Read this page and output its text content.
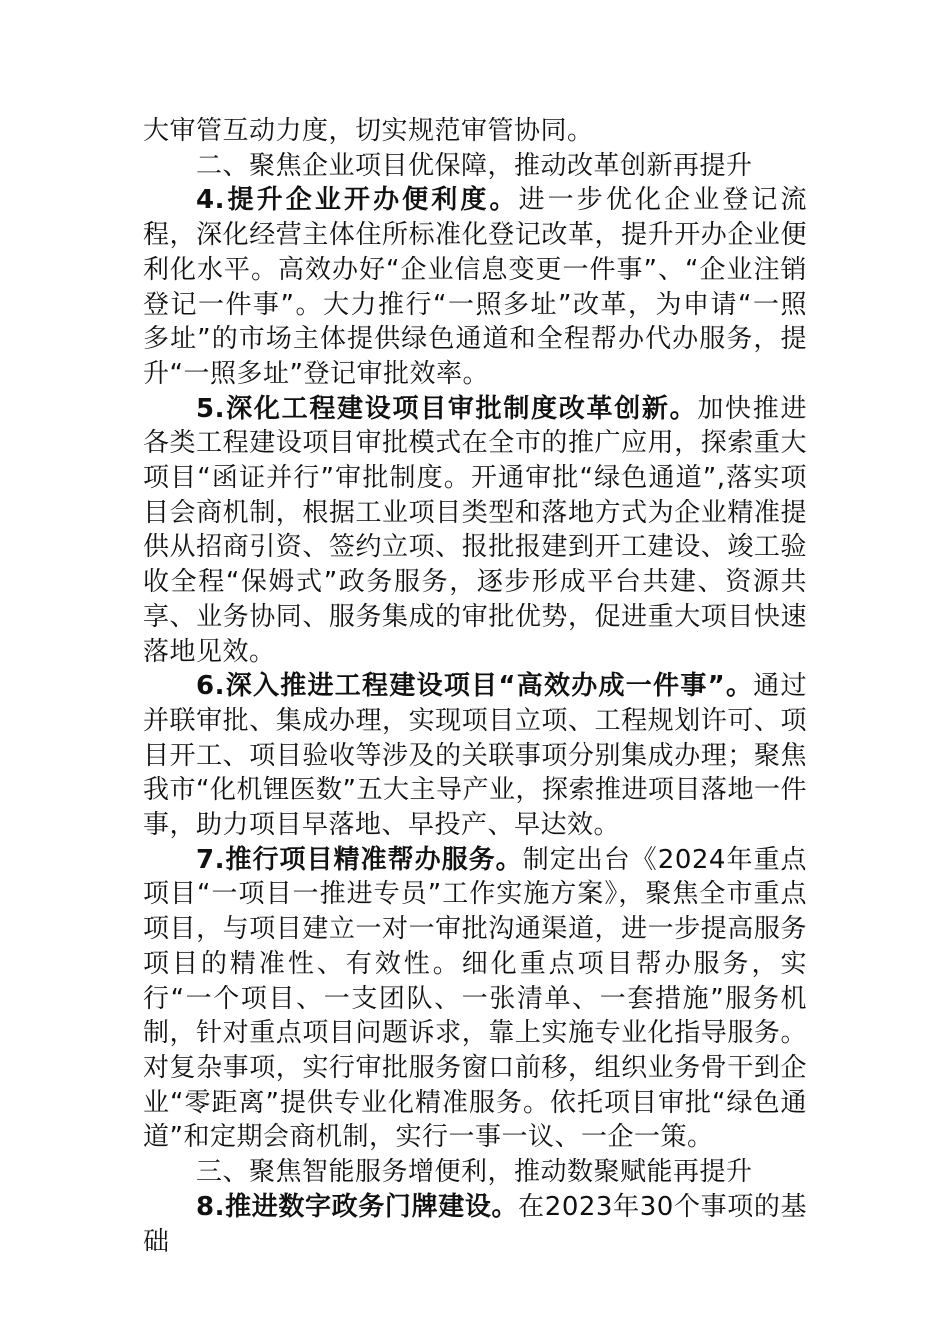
大审管互动力度，切实规范审管协同。

二、聚焦企业项目优保障，推动改革创新再提升

4.提升企业开办便利度。进一步优化企业登记流程，深化经营主体住所标准化登记改革，提升开办企业便利化水平。高效办好“企业信息变更一件事”、“企业注销登记一件事”。大力推行“一照多址”改革，为申请“一照多址”的市场主体提供绿色通道和全程帮办代办服务，提升“一照多址”登记审批效率。

5.深化工程建设项目审批制度改革创新。加快推进各类工程建设项目审批模式在全市的推广应用，探索重大项目“函证并行”审批制度。开通审批“绿色通道”,落实项目会商机制，根据工业项目类型和落地方式为企业精准提供从招商引资、签约立项、报批报建到开工建设、竣工验收全程“保姆式”政务服务，逐步形成平台共建、资源共享、业务协同、服务集成的审批优势，促进重大项目快速落地见效。

6.深入推进工程建设项目“高效办成一件事”。通过并联审批、集成办理，实现项目立项、工程规划许可、项目开工、项目验收等涉及的关联事项分别集成办理；聚焦我市“化机锂医数”五大主导产业，探索推进项目落地一件事，助力项目早落地、早投产、早达效。

7.推行项目精准帮办服务。制定出台《2024年重点项目“一项目一推进专员”工作实施方案》，聚焦全市重点项目，与项目建立一对一审批沟通渠道，进一步提高服务项目的精准性、有效性。细化重点项目帮办服务，实行“一个项目、一支团队、一张清单、一套措施”服务机制，针对重点项目问题诉求，靠上实施专业化指导服务。对复杂事项，实行审批服务窗口前移，组织业务骨干到企业“零距离”提供专业化精准服务。依托项目审批“绿色通道”和定期会商机制，实行一事一议、一企一策。

三、聚焦智能服务增便利，推动数聚赋能再提升

8.推进数字政务门牌建设。在2023年30个事项的基础
